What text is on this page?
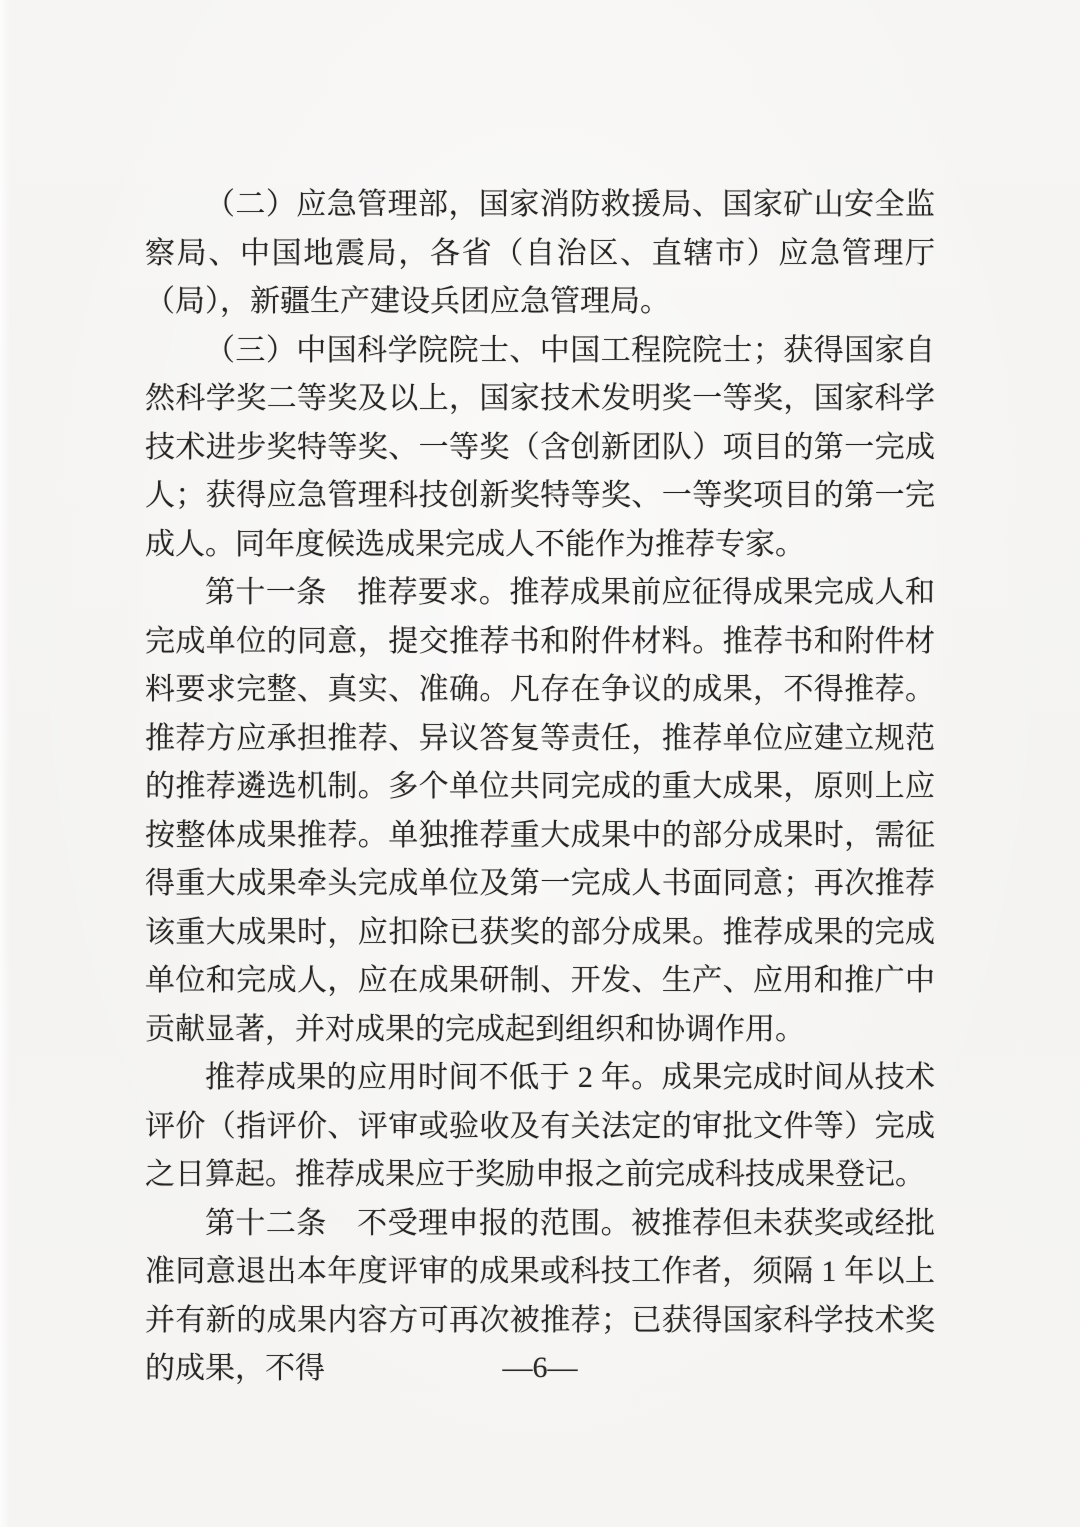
（二）应急管理部，国家消防救援局、国家矿山安全监察局、中国地震局，各省（自治区、直辖市）应急管理厅（局），新疆生产建设兵团应急管理局。

（三）中国科学院院士、中国工程院院士；获得国家自然科学奖二等奖及以上，国家技术发明奖一等奖，国家科学技术进步奖特等奖、一等奖（含创新团队）项目的第一完成人；获得应急管理科技创新奖特等奖、一等奖项目的第一完成人。同年度候选成果完成人不能作为推荐专家。

第十一条　推荐要求。推荐成果前应征得成果完成人和完成单位的同意，提交推荐书和附件材料。推荐书和附件材料要求完整、真实、准确。凡存在争议的成果，不得推荐。推荐方应承担推荐、异议答复等责任，推荐单位应建立规范的推荐遴选机制。多个单位共同完成的重大成果，原则上应按整体成果推荐。单独推荐重大成果中的部分成果时，需征得重大成果牵头完成单位及第一完成人书面同意；再次推荐该重大成果时，应扣除已获奖的部分成果。推荐成果的完成单位和完成人，应在成果研制、开发、生产、应用和推广中贡献显著，并对成果的完成起到组织和协调作用。

推荐成果的应用时间不低于 2 年。成果完成时间从技术评价（指评价、评审或验收及有关法定的审批文件等）完成之日算起。推荐成果应于奖励申报之前完成科技成果登记。

第十二条　不受理申报的范围。被推荐但未获奖或经批准同意退出本年度评审的成果或科技工作者，须隔 1 年以上并有新的成果内容方可再次被推荐；已获得国家科学技术奖的成果，不得	—6—
